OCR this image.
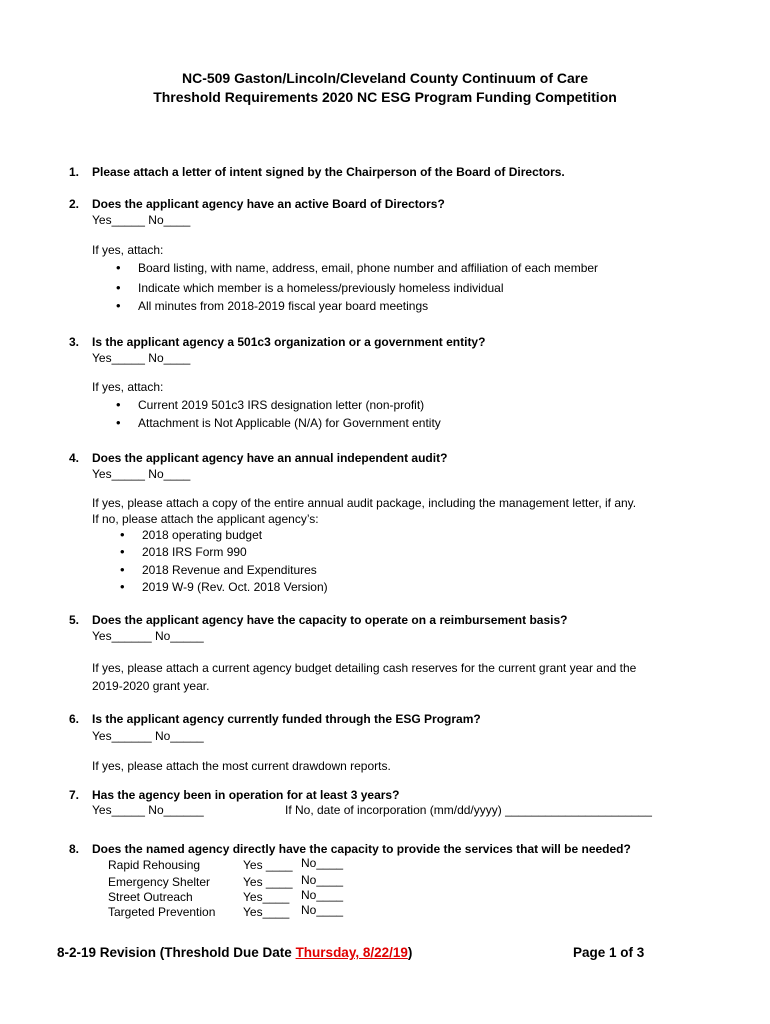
NC-509 Gaston/Lincoln/Cleveland County Continuum of Care
Threshold Requirements 2020 NC ESG Program Funding Competition
1. Please attach a letter of intent signed by the Chairperson of the Board of Directors.
2. Does the applicant agency have an active Board of Directors?
Yes_____ No____
If yes, attach:
• Board listing, with name, address, email, phone number and affiliation of each member
• Indicate which member is a homeless/previously homeless individual
• All minutes from 2018-2019 fiscal year board meetings
3. Is the applicant agency a 501c3 organization or a government entity?
Yes_____ No____
If yes, attach:
• Current 2019 501c3 IRS designation letter (non-profit)
• Attachment is Not Applicable (N/A) for Government entity
4. Does the applicant agency have an annual independent audit?
Yes_____ No____
If yes, please attach a copy of the entire annual audit package, including the management letter, if any.
If no, please attach the applicant agency’s:
• 2018 operating budget
• 2018 IRS Form 990
• 2018 Revenue and Expenditures
• 2019 W-9 (Rev. Oct. 2018 Version)
5. Does the applicant agency have the capacity to operate on a reimbursement basis?
Yes______ No_____
If yes, please attach a current agency budget detailing cash reserves for the current grant year and the
2019-2020 grant year.
6. Is the applicant agency currently funded through the ESG Program?
Yes______ No_____
If yes, please attach the most current drawdown reports.
7. Has the agency been in operation for at least 3 years?
Yes_____ No______	If No, date of incorporation (mm/dd/yyyy) ______________________
8. Does the named agency directly have the capacity to provide the services that will be needed?
Rapid Rehousing	Yes ____ No____
Emergency Shelter	Yes ____ No____
Street Outreach	Yes____ No____
Targeted Prevention Yes____ No____
8-2-19 Revision (Threshold Due Date Thursday, 8/22/19)	Page 1 of 3
